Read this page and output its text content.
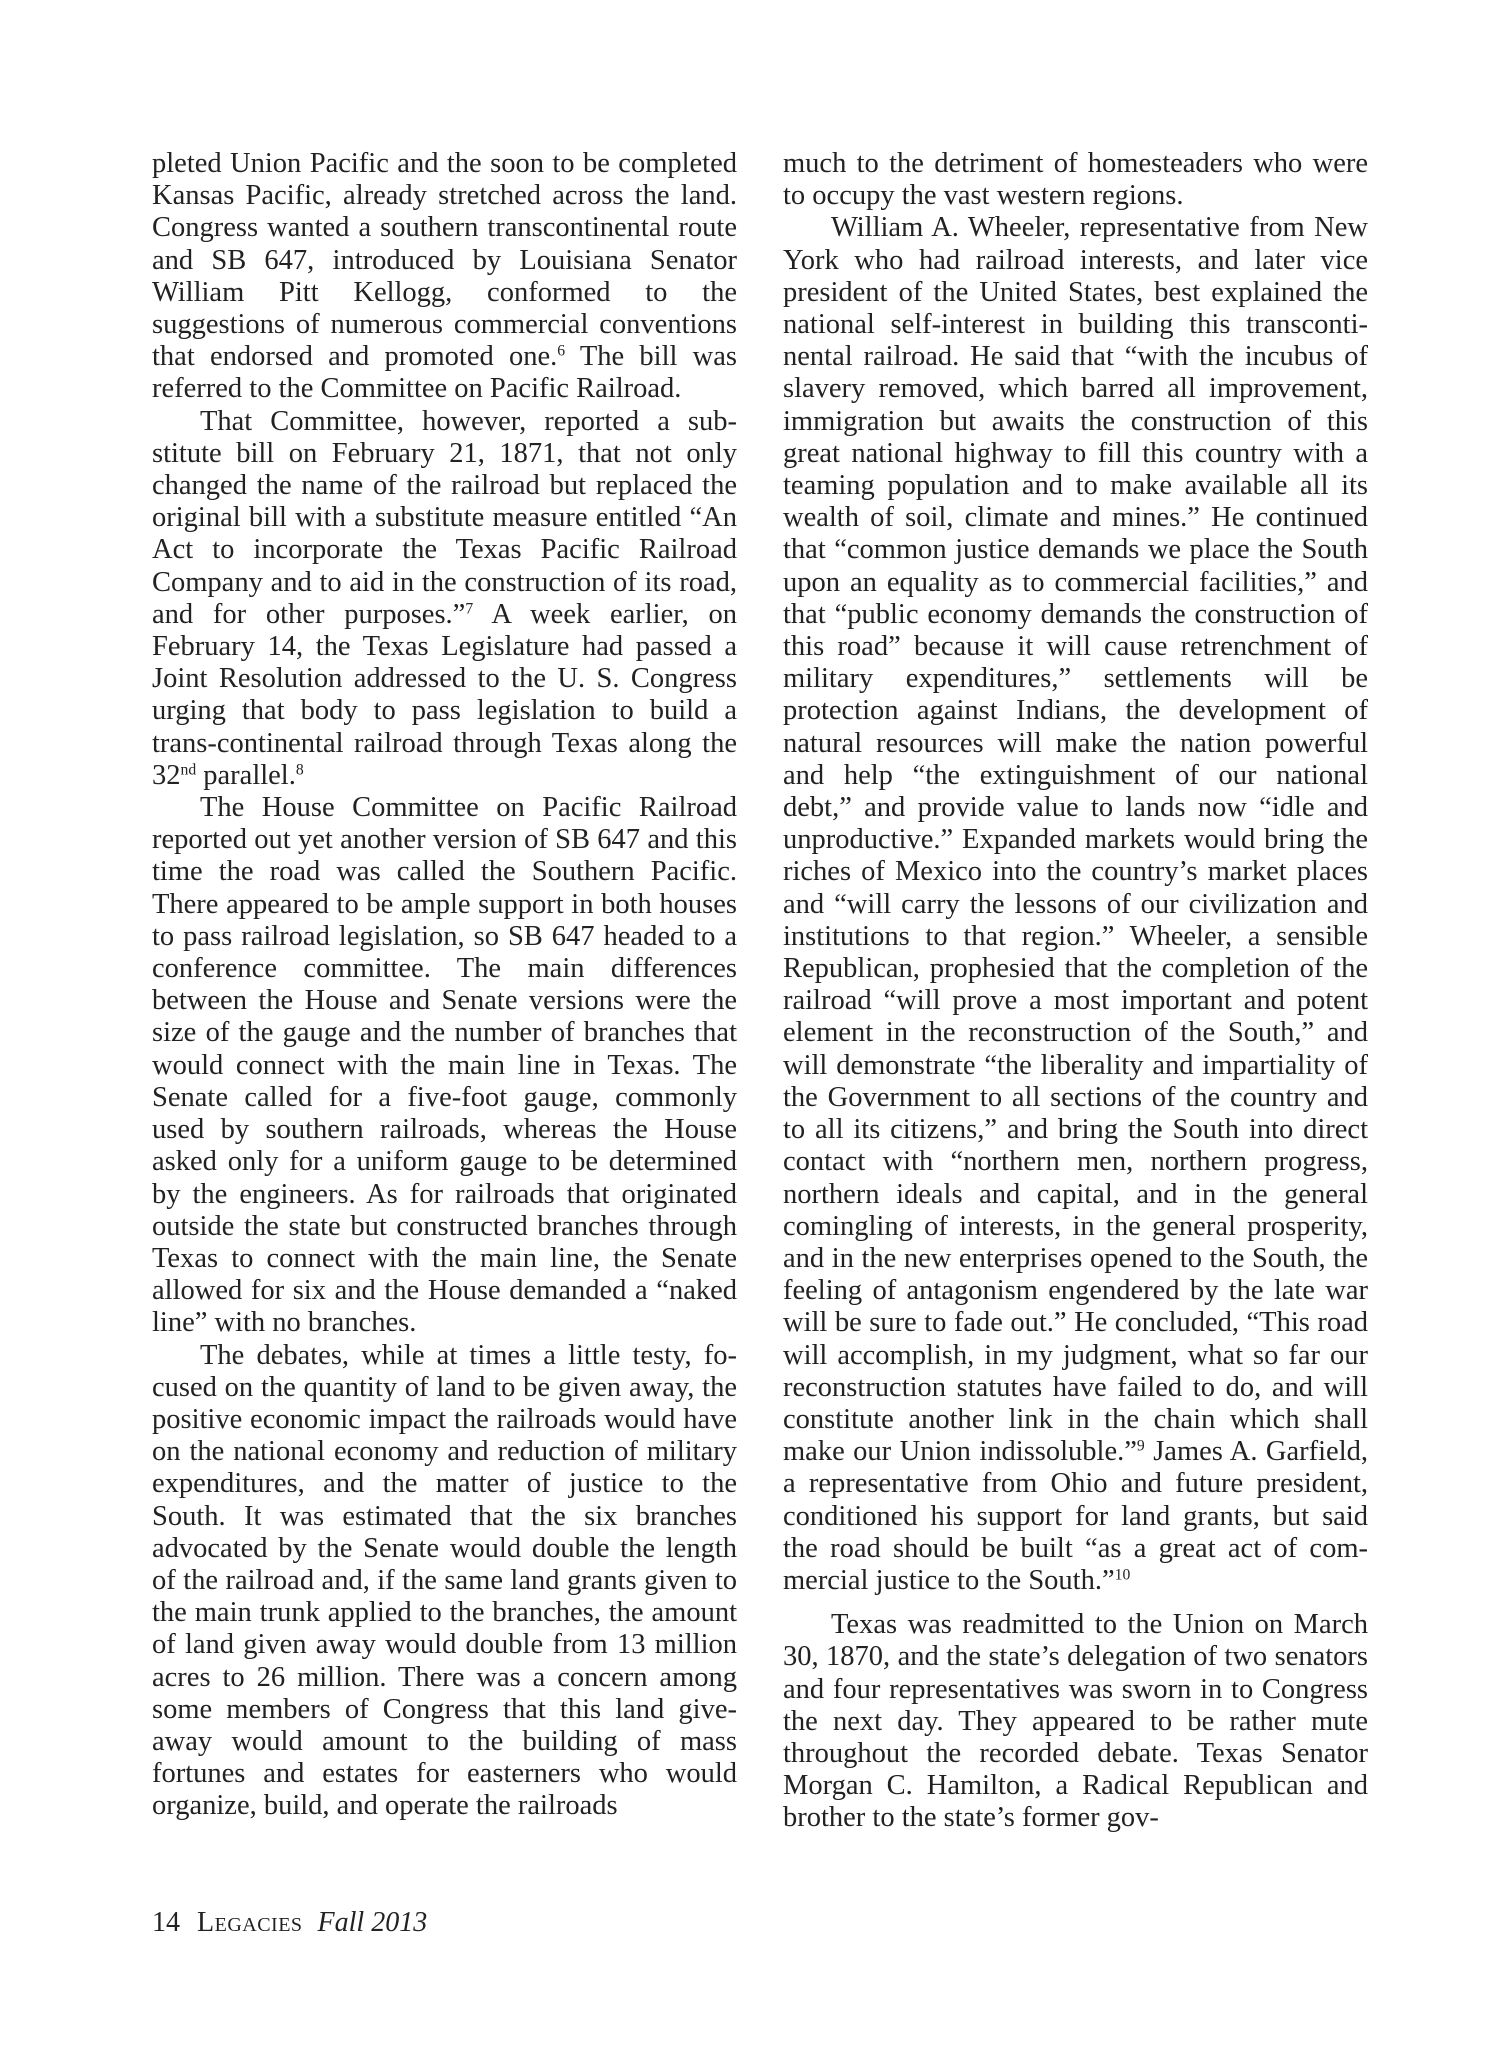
pleted Union Pacific and the soon to be completed Kansas Pacific, already stretched across the land. Congress wanted a southern transcontinental route and SB 647, introduced by Louisiana Senator William Pitt Kellogg, conformed to the suggestions of numerous commercial conventions that endorsed and promoted one.$^6$ The bill was referred to the Committee on Pacific Railroad.

That Committee, however, reported a substitute bill on February 21, 1871, that not only changed the name of the railroad but replaced the original bill with a substitute measure entitled “An Act to incorporate the Texas Pacific Railroad Company and to aid in the construction of its road, and for other purposes.”$^7$ A week earlier, on February 14, the Texas Legislature had passed a Joint Resolution addressed to the U. S. Congress urging that body to pass legislation to build a trans-continental railroad through Texas along the 32nd parallel.$^8$

The House Committee on Pacific Railroad reported out yet another version of SB 647 and this time the road was called the Southern Pacific. There appeared to be ample support in both houses to pass railroad legislation, so SB 647 headed to a conference committee. The main differences between the House and Senate versions were the size of the gauge and the number of branches that would connect with the main line in Texas. The Senate called for a five-foot gauge, commonly used by southern railroads, whereas the House asked only for a uniform gauge to be determined by the engineers. As for railroads that originated outside the state but constructed branches through Texas to connect with the main line, the Senate allowed for six and the House demanded a “naked line” with no branches.

The debates, while at times a little testy, focused on the quantity of land to be given away, the positive economic impact the railroads would have on the national economy and reduction of military expenditures, and the matter of justice to the South. It was estimated that the six branches advocated by the Senate would double the length of the railroad and, if the same land grants given to the main trunk applied to the branches, the amount of land given away would double from 13 million acres to 26 million. There was a concern among some members of Congress that this land give-away would amount to the building of mass fortunes and estates for easterners who would organize, build, and operate the railroads

much to the detriment of homesteaders who were to occupy the vast western regions.

William A. Wheeler, representative from New York who had railroad interests, and later vice president of the United States, best explained the national self-interest in building this transcontinental railroad. He said that “with the incubus of slavery removed, which barred all improvement, immigration but awaits the construction of this great national highway to fill this country with a teaming population and to make available all its wealth of soil, climate and mines.” He continued that “common justice demands we place the South upon an equality as to commercial facilities,” and that “public economy demands the construction of this road” because it will cause retrenchment of military expenditures,” settlements will be protection against Indians, the development of natural resources will make the nation powerful and help “the extinguishment of our national debt,” and provide value to lands now “idle and unproductive.” Expanded markets would bring the riches of Mexico into the country’s market places and “will carry the lessons of our civilization and institutions to that region.” Wheeler, a sensible Republican, prophesied that the completion of the railroad “will prove a most important and potent element in the reconstruction of the South,” and will demonstrate “the liberality and impartiality of the Government to all sections of the country and to all its citizens,” and bring the South into direct contact with “northern men, northern progress, northern ideals and capital, and in the general comingling of interests, in the general prosperity, and in the new enterprises opened to the South, the feeling of antagonism engendered by the late war will be sure to fade out.” He concluded, “This road will accomplish, in my judgment, what so far our reconstruction statutes have failed to do, and will constitute another link in the chain which shall make our Union indissoluble.”$^9$ James A. Garfield, a representative from Ohio and future president, conditioned his support for land grants, but said the road should be built “as a great act of commercial justice to the South.”$^{10}$

Texas was readmitted to the Union on March 30, 1870, and the state’s delegation of two senators and four representatives was sworn in to Congress the next day. They appeared to be rather mute throughout the recorded debate. Texas Senator Morgan C. Hamilton, a Radical Republican and brother to the state’s former gov-

14 Legacies Fall 2013
